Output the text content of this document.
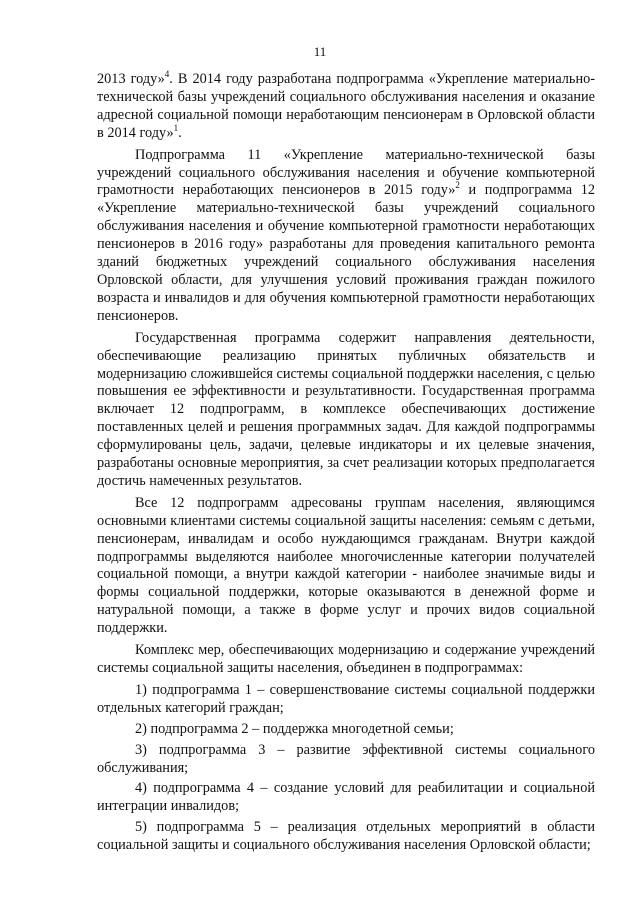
11

2013 году»$^4$. В 2014 году разработана подпрограмма «Укрепление материально-технической базы учреждений социального обслуживания населения и оказание адресной социальной помощи неработающим пенсионерам в Орловской области в 2014 году»$^1$.

Подпрограмма 11 «Укрепление материально-технической базы учреждений социального обслуживания населения и обучение компьютерной грамотности неработающих пенсионеров в 2015 году»$^2$ и подпрограмма 12 «Укрепление материально-технической базы учреждений социального обслуживания населения и обучение компьютерной грамотности неработающих пенсионеров в 2016 году» разработаны для проведения капитального ремонта зданий бюджетных учреждений социального обслуживания населения Орловской области, для улучшения условий проживания граждан пожилого возраста и инвалидов и для обучения компьютерной грамотности неработающих пенсионеров.

Государственная программа содержит направления деятельности, обеспечивающие реализацию принятых публичных обязательств и модернизацию сложившейся системы социальной поддержки населения, с целью повышения ее эффективности и результативности. Государственная программа включает 12 подпрограмм, в комплексе обеспечивающих достижение поставленных целей и решения программных задач. Для каждой подпрограммы сформулированы цель, задачи, целевые индикаторы и их целевые значения, разработаны основные мероприятия, за счет реализации которых предполагается достичь намеченных результатов.

Все 12 подпрограмм адресованы группам населения, являющимся основными клиентами системы социальной защиты населения: семьям с детьми, пенсионерам, инвалидам и особо нуждающимся гражданам. Внутри каждой подпрограммы выделяются наиболее многочисленные категории получателей социальной помощи, а внутри каждой категории - наиболее значимые виды и формы социальной поддержки, которые оказываются в денежной форме и натуральной помощи, а также в форме услуг и прочих видов социальной поддержки.

Комплекс мер, обеспечивающих модернизацию и содержание учреждений системы социальной защиты населения, объединен в подпрограммах:

1) подпрограмма 1 – совершенствование системы социальной поддержки отдельных категорий граждан;

2) подпрограмма 2 – поддержка многодетной семьи;

3) подпрограмма 3 – развитие эффективной системы социального обслуживания;

4) подпрограмма 4 – создание условий для реабилитации и социальной интеграции инвалидов;

5) подпрограмма 5 – реализация отдельных мероприятий в области социальной защиты и социального обслуживания населения Орловской области;
